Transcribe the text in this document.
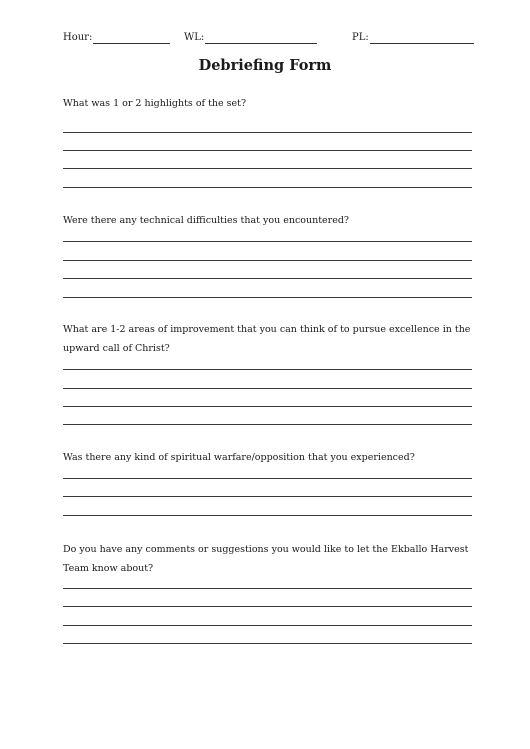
Hour:	WL:	PL:
Debriefing Form
What was 1 or 2 highlights of the set?
Were there any technical difficulties that you encountered?
What are 1-2 areas of improvement that you can think of to pursue excellence in the upward call of Christ?
Was there any kind of spiritual warfare/opposition that you experienced?
Do you have any comments or suggestions you would like to let the Ekballo Harvest Team know about?
